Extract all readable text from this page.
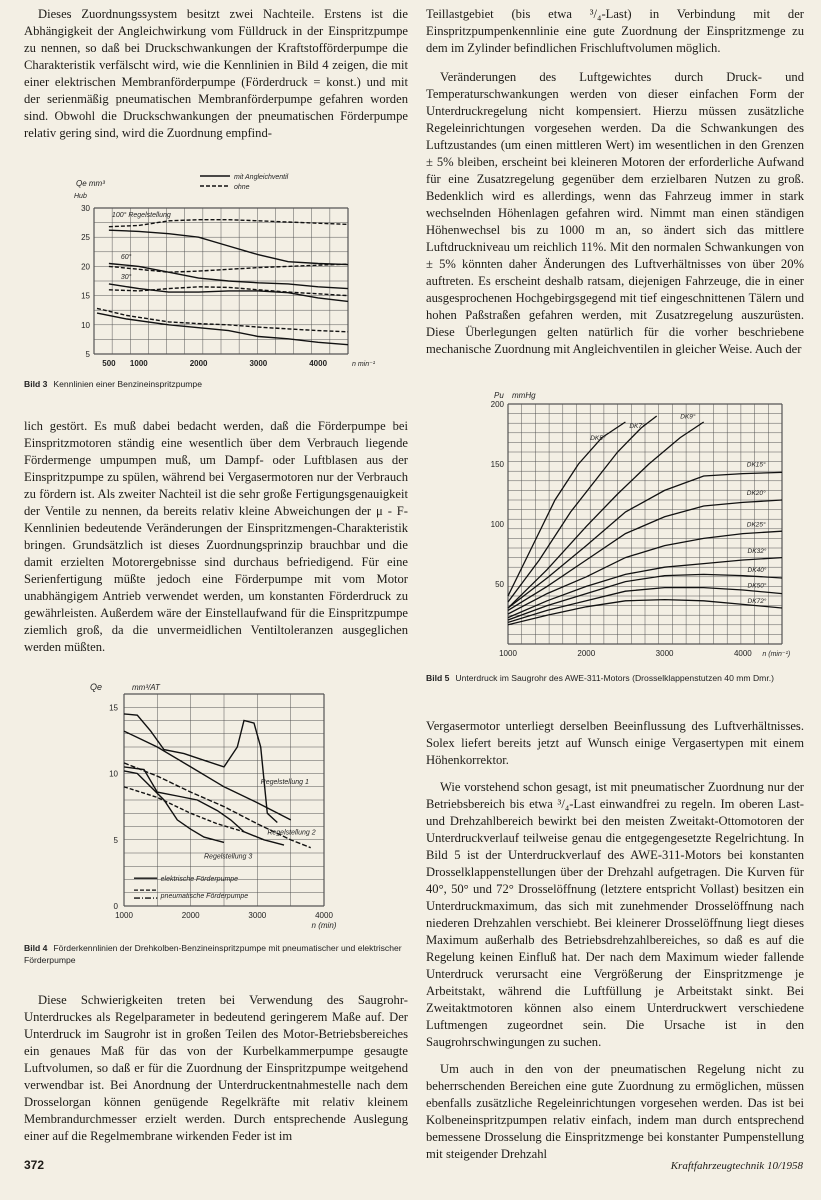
Dieses Zuordnungssystem besitzt zwei Nachteile. Erstens ist die Abhängigkeit der Angleichwirkung vom Fülldruck in der Einspritzpumpe zu nennen, so daß bei Druckschwankungen der Kraftstofförderpumpe die Charakteristik verfälscht wird, wie die Kennlinien in Bild 4 zeigen, die mit einer elektrischen Membranförderpumpe (Förderdruck = konst.) und mit der serienmäßig pneumatischen Membranförderpumpe gefahren worden sind. Obwohl die Druckschwankungen der pneumatischen Förderpumpe relativ gering sind, wird die Zuordnung empfind-

mit Angleichventil
ohne
Qe mm³
Hub
5
10
15
20
25
30
500 1000	2000	3000	4000	n min⁻¹
100° Regelstellung
60°
30°
Bild 3 Kennlinien einer Benzineinspritzpumpe

lich gestört. Es muß dabei bedacht werden, daß die Förderpumpe bei Einspritzmotoren ständig eine wesentlich über dem Verbrauch liegende Fördermenge umpumpen muß, um Dampf- oder Luftblasen aus der Einspritzpumpe zu spülen, während bei Vergasermotoren nur der Verbrauch zu fördern ist. Als zweiter Nachteil ist die sehr große Fertigungsgenauigkeit der Ventile zu nennen, da bereits relativ kleine Abweichungen der μ - F-Kennlinien bedeutende Veränderungen der Einspritzmengen-Charakteristik bringen. Grundsätzlich ist dieses Zuordnungsprinzip brauchbar und die damit erzielten Motorergebnisse sind durchaus befriedigend. Für eine Serienfertigung müßte jedoch eine Förderpumpe mit vom Motor unabhängigem Antrieb verwendet werden, um konstanten Förderdruck zu gewährleisten. Außerdem wäre der Einstellaufwand für die Einspritzpumpe ziemlich groß, da die unvermeidlichen Ventiltoleranzen ausgeglichen werden müßten.

Qe	mm³/AT
0
5
10
15
1000	2000	3000	4000
n (min)
Regelstellung 1
Regelstellung 2
Regelstellung 3
elektrische Förderpumpe
pneumatische Förderpumpe
Bild 4 Förderkennlinien der Drehkolben-Benzineinspritzpumpe mit pneumatischer und elektrischer Förderpumpe

Diese Schwierigkeiten treten bei Verwendung des Saugrohr-Unterdruckes als Regelparameter in bedeutend geringerem Maße auf. Der Unterdruck im Saugrohr ist in großen Teilen des Motor-Betriebsbereiches ein genaues Maß für das von der Kurbelkammerpumpe gesaugte Luftvolumen, so daß er für die Zuordnung der Einspritzpumpe weitgehend verwendbar ist. Bei Anordnung der Unterdruckentnahmestelle nach dem Drosselorgan können genügende Regelkräfte mit relativ kleinem Membrandurchmesser erzielt werden. Durch entsprechende Auslegung einer auf die Regelmembrane wirkenden Feder ist im

Teillastgebiet (bis etwa ³/₄-Last) in Verbindung mit der Einspritzpumpenkennlinie eine gute Zuordnung der Einspritzmenge zu dem im Zylinder befindlichen Frischluftvolumen möglich.

Veränderungen des Luftgewichtes durch Druck- und Temperaturschwankungen werden von dieser einfachen Form der Unterdruckregelung nicht kompensiert. Hierzu müssen zusätzliche Regeleinrichtungen vorgesehen werden. Da die Schwankungen des Luftzustandes (um einen mittleren Wert) im wesentlichen in den Grenzen ± 5% bleiben, erscheint bei kleineren Motoren der erforderliche Aufwand für eine Zusatzregelung gegenüber dem erzielbaren Nutzen zu groß. Bedenklich wird es allerdings, wenn das Fahrzeug immer in stark wechselnden Höhenlagen gefahren wird. Nimmt man einen ständigen Höhenwechsel bis zu 1000 m an, so ändert sich das mittlere Luftdruckniveau um reichlich 11%. Mit den normalen Schwankungen von ± 5% könnten daher Änderungen des Luftverhältnisses von über 20% auftreten. Es erscheint deshalb ratsam, diejenigen Fahrzeuge, die in einer ausgesprochenen Hochgebirgsgegend mit tief eingeschnittenen Tälern und hohen Paßstraßen gefahren werden, mit Zusatzregelung auszurüsten. Diese Überlegungen gelten natürlich für die vorher beschriebene mechanische Zuordnung mit Angleichventilen in gleicher Weise. Auch der

Pu mmHg
50
100
150
200
1000	2000	3000	4000 n (min⁻¹)
DK5°
DK7°
DK9°
DK15°
DK20°
DK25°
DK32°
DK40°
DK50°
DK72°
Bild 5 Unterdruck im Saugrohr des AWE-311-Motors (Drosselklappenstutzen 40 mm Dmr.)

Vergasermotor unterliegt derselben Beeinflussung des Luftverhältnisses. Solex liefert bereits jetzt auf Wunsch einige Vergasertypen mit einem Höhenkorrektor.

Wie vorstehend schon gesagt, ist mit pneumatischer Zuordnung nur der Betriebsbereich bis etwa ³/₄-Last einwandfrei zu regeln. Im oberen Last- und Drehzahlbereich bewirkt bei den meisten Zweitakt-Ottomotoren der Unterdruckverlauf teilweise genau die entgegengesetzte Regelrichtung. In Bild 5 ist der Unterdruckverlauf des AWE-311-Motors bei konstanten Drosselklappenstellungen über der Drehzahl aufgetragen. Die Kurven für 40°, 50° und 72° Drosselöffnung (letztere entspricht Vollast) besitzen ein Unterdruckmaximum, das sich mit zunehmender Drosselöffnung nach niederen Drehzahlen verschiebt. Bei kleinerer Drosselöffnung liegt dieses Maximum außerhalb des Betriebsdrehzahlbereiches, so daß es auf die Regelung keinen Einfluß hat. Der nach dem Maximum wieder fallende Unterdruck verursacht eine Vergrößerung der Einspritzmenge je Arbeitstakt, während die Luftfüllung je Arbeitstakt sinkt. Bei Zweitaktmotoren können also einem Unterdruckwert verschiedene Luftmengen zugeordnet sein. Die Ursache ist in den Saugrohrschwingungen zu suchen.

Um auch in den von der pneumatischen Regelung nicht zu beherrschenden Bereichen eine gute Zuordnung zu ermöglichen, müssen ebenfalls zusätzliche Regeleinrichtungen vorgesehen werden. Das ist bei Kolbeneinspritzpumpen relativ einfach, indem man durch entsprechend bemessene Drosselung die Einspritzmenge bei konstanter Pumpenstellung mit steigender Drehzahl

372	Kraftfahrzeugtechnik 10/1958
